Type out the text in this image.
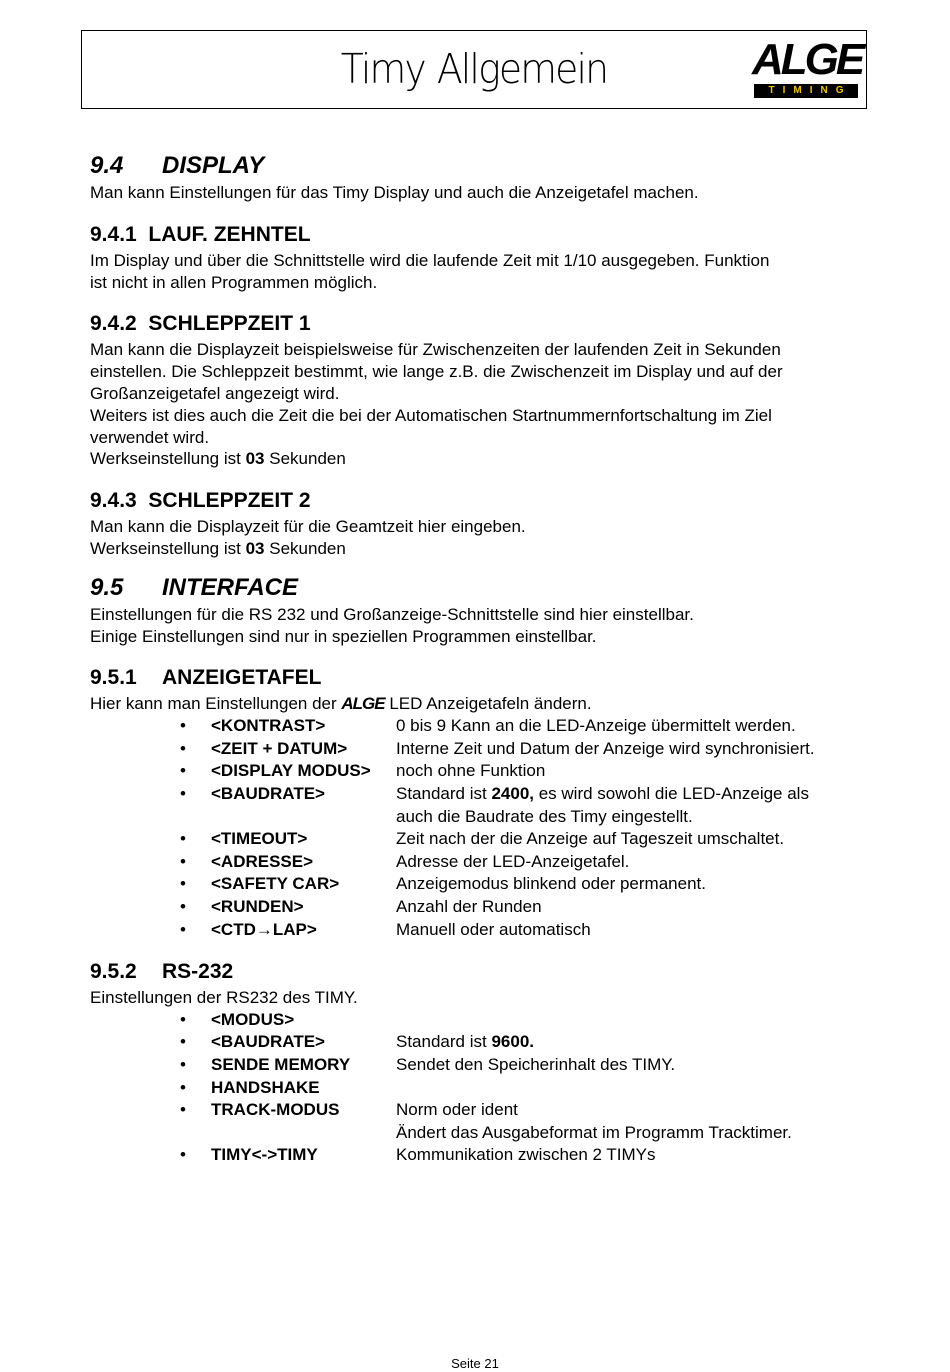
Timy Allgemein	ALGE
TIMING
9.4 DISPLAY

Man kann Einstellungen für das Timy Display und auch die Anzeigetafel machen.

9.4.1 LAUF. ZEHNTEL

Im Display und über die Schnittstelle wird die laufende Zeit mit 1/10 ausgegeben. Funktion

ist nicht in allen Programmen möglich.

9.4.2 SCHLEPPZEIT 1

Man kann die Displayzeit beispielsweise für Zwischenzeiten der laufenden Zeit in Sekunden

einstellen. Die Schleppzeit bestimmt, wie lange z.B. die Zwischenzeit im Display und auf der

Großanzeigetafel angezeigt wird.

Weiters ist dies auch die Zeit die bei der Automatischen Startnummernfortschaltung im Ziel

verwendet wird.

Werkseinstellung ist 03 Sekunden

9.4.3 SCHLEPPZEIT 2

Man kann die Displayzeit für die Geamtzeit hier eingeben.

Werkseinstellung ist 03 Sekunden

9.5 INTERFACE

Einstellungen für die RS 232 und Großanzeige-Schnittstelle sind hier einstellbar.

Einige Einstellungen sind nur in speziellen Programmen einstellbar.

9.5.1 ANZEIGETAFEL

Hier kann man Einstellungen der ALGE LED Anzeigetafeln ändern.

• <KONTRAST>	0 bis 9 Kann an die LED-Anzeige übermittelt werden.
• <ZEIT + DATUM>	Interne Zeit und Datum der Anzeige wird synchronisiert.
• <DISPLAY MODUS> noch ohne Funktion
• <BAUDRATE>	Standard ist 2400, es wird sowohl die LED-Anzeige als
auch die Baudrate des Timy eingestellt.
• <TIMEOUT>	Zeit nach der die Anzeige auf Tageszeit umschaltet.
• <ADRESSE>	Adresse der LED-Anzeigetafel.
• <SAFETY CAR>	Anzeigemodus blinkend oder permanent.
• <RUNDEN>	Anzahl der Runden
• <CTD→LAP>	Manuell oder automatisch
9.5.2 RS-232

Einstellungen der RS232 des TIMY.

• <MODUS>
• <BAUDRATE>	Standard ist 9600.
• SENDE MEMORY	Sendet den Speicherinhalt des TIMY.
• HANDSHAKE
• TRACK-MODUS	Norm oder ident
Ändert das Ausgabeformat im Programm Tracktimer.
• TIMY<->TIMY	Kommunikation zwischen 2 TIMYs
Seite 21
